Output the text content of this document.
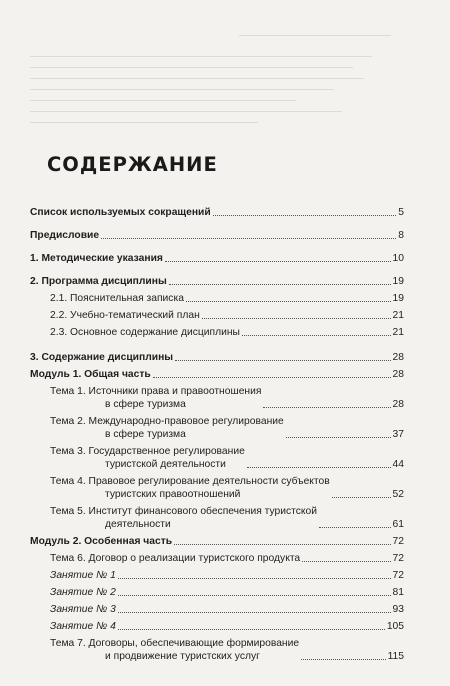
СОДЕРЖАНИЕ
Список используемых сокращений	5
Предисловие	8
1. Методические указания	10
2. Программа дисциплины	19
2.1. Пояснительная записка	19
2.2. Учебно-тематический план	21
2.3. Основное содержание дисциплины	21
3. Содержание дисциплины	28
Модуль 1. Общая часть	28
Тема 1. Источники права и правоотношения
в сфере туризма	28
Тема 2. Международно-правовое регулирование
в сфере туризма	37
Тема 3. Государственное регулирование
туристской деятельности	44
Тема 4. Правовое регулирование деятельности субъектов
туристских правоотношений	52
Тема 5. Институт финансового обеспечения туристской
деятельности	61
Модуль 2. Особенная часть	72
Тема 6. Договор о реализации туристского продукта	72
Занятие № 1	72
Занятие № 2	81
Занятие № 3	93
Занятие № 4	105
Тема 7. Договоры, обеспечивающие формирование
и продвижение туристских услуг	115
